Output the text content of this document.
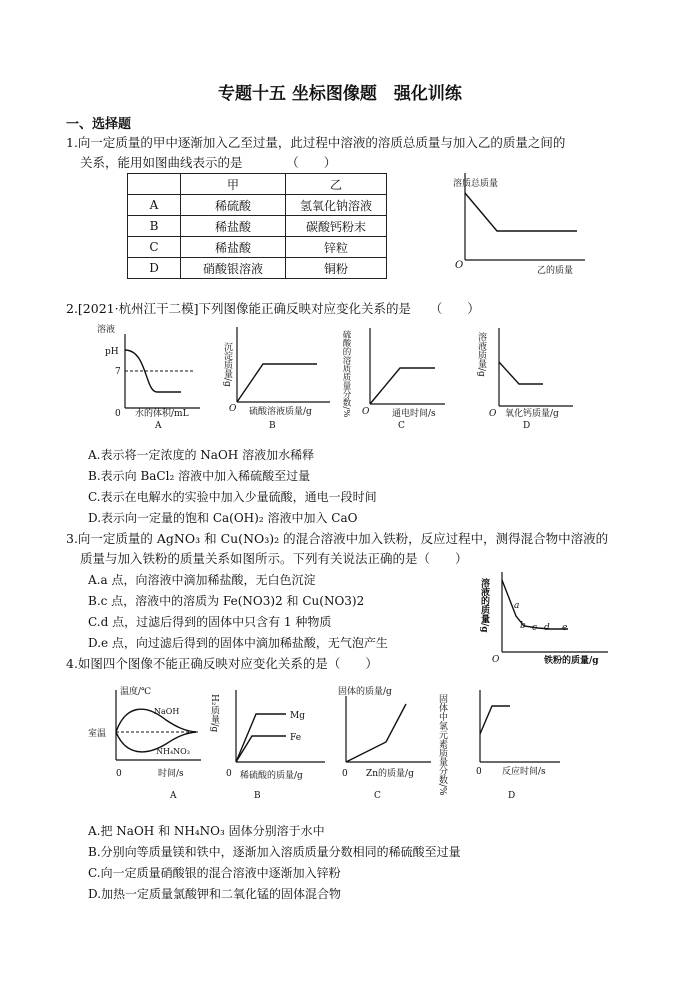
专题十五 坐标图像题　强化训练
一、选择题
1.向一定质量的甲中逐渐加入乙至过量，此过程中溶液的溶质总质量与加入乙的质量之间的
关系，能用如图曲线表示的是　　　　（　　）
	甲	乙
A	稀硫酸	氢氧化钠溶液
B	稀盐酸	碳酸钙粉末
C	稀盐酸	锌粒
D	硝酸银溶液	铜粉
溶质总质量
O	乙的质量
2.[2021·杭州江干二模]下列图像能正确反映对应变化关系的是　　（　　）
溶液
pH
7
0 水的体积/mL
A
沉淀质量/g
O 硫酸溶液质量/g
B
硫酸的溶质质量分数/% O	通电时间/s
C
溶液质量/g
O 氧化钙质量/g
D
A.表示将一定浓度的 NaOH 溶液加水稀释
B.表示向 BaCl₂ 溶液中加入稀硫酸至过量
C.表示在电解水的实验中加入少量硫酸，通电一段时间
D.表示向一定量的饱和 Ca(OH)₂ 溶液中加入 CaO
3.向一定质量的 AgNO₃ 和 Cu(NO₃)₂ 的混合溶液中加入铁粉，反应过程中，测得混合物中溶液的
质量与加入铁粉的质量关系如图所示。下列有关说法正确的是（　　）
A.a 点，向溶液中滴加稀盐酸，无白色沉淀
B.c 点，溶液中的溶质为 Fe(NO3)2 和 Cu(NO3)2
C.d 点，过滤后得到的固体中只含有 1 种物质
D.e 点，向过滤后得到的固体中滴加稀盐酸，无气泡产生
溶液的质量/g
O	铁粉的质量/g
a
b c d e
4.如图四个图像不能正确反映对应变化关系的是（　　）
温度/℃
室温
NaOH
NH₄NO₃
0	时间/s
A
H₂质量/g	Mg
Fe
0 稀硫酸的质量/g
B
固体的质量/g
0 Zn的质量/g
C
固体中氯元素质量分数/%	0 反应时间/s
D
A.把 NaOH 和 NH₄NO₃ 固体分别溶于水中
B.分别向等质量镁和铁中，逐渐加入溶质质量分数相同的稀硫酸至过量
C.向一定质量硝酸银的混合溶液中逐渐加入锌粉
D.加热一定质量氯酸钾和二氧化锰的固体混合物
